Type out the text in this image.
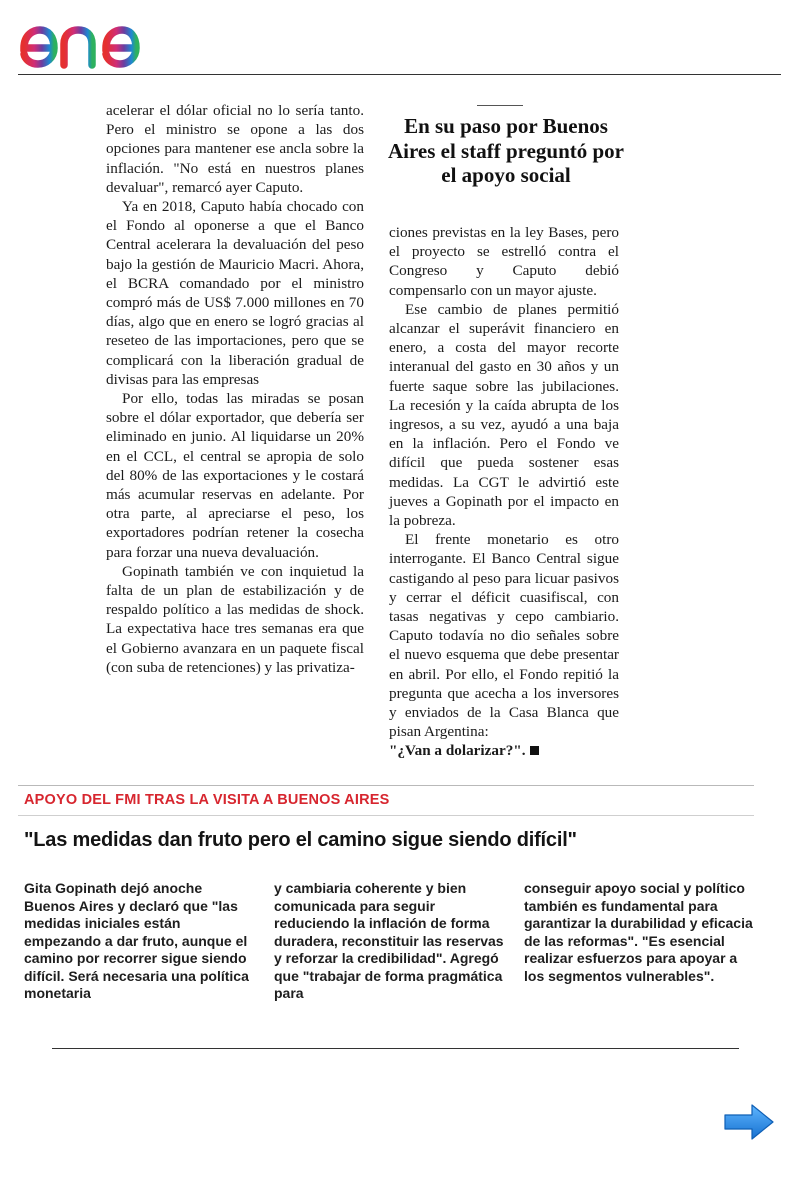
acelerar el dólar oficial no lo sería tanto. Pero el ministro se opone a las dos opciones para mantener ese ancla sobre la inflación. "No está en nuestros planes devaluar", remarcó ayer Caputo.

Ya en 2018, Caputo había chocado con el Fondo al oponerse a que el Banco Central acelerara la devaluación del peso bajo la gestión de Mauricio Macri. Ahora, el BCRA comandado por el ministro compró más de US$ 7.000 millones en 70 días, algo que en enero se logró gracias al reseteo de las importaciones, pero que se complicará con la liberación gradual de divisas para las empresas

Por ello, todas las miradas se posan sobre el dólar exportador, que debería ser eliminado en junio. Al liquidarse un 20% en el CCL, el central se apropia de solo del 80% de las exportaciones y le costará más acumular reservas en adelante. Por otra parte, al apreciarse el peso, los exportadores podrían retener la cosecha para forzar una nueva devaluación.

Gopinath también ve con inquietud la falta de un plan de estabilización y de respaldo político a las medidas de shock. La expectativa hace tres semanas era que el Gobierno avanzara en un paquete fiscal (con suba de retenciones) y las privatiza-

En su paso por Buenos Aires el staff preguntó por el apoyo social

ciones previstas en la ley Bases, pero el proyecto se estrelló contra el Congreso y Caputo debió compensarlo con un mayor ajuste.

Ese cambio de planes permitió alcanzar el superávit financiero en enero, a costa del mayor recorte interanual del gasto en 30 años y un fuerte saque sobre las jubilaciones. La recesión y la caída abrupta de los ingresos, a su vez, ayudó a una baja en la inflación. Pero el Fondo ve difícil que pueda sostener esas medidas. La CGT le advirtió este jueves a Gopinath por el impacto en la pobreza.

El frente monetario es otro interrogante. El Banco Central sigue castigando al peso para licuar pasivos y cerrar el déficit cuasifiscal, con tasas negativas y cepo cambiario. Caputo todavía no dio señales sobre el nuevo esquema que debe presentar en abril. Por ello, el Fondo repitió la pregunta que acecha a los inversores y enviados de la Casa Blanca que pisan Argentina:

"¿Van a dolarizar?".

APOYO DEL FMI TRAS LA VISITA A BUENOS AIRES
"Las medidas dan fruto pero el camino sigue siendo difícil"
Gita Gopinath dejó anoche Buenos Aires y declaró que "las medidas iniciales están empezando a dar fruto, aunque el camino por recorrer sigue siendo difícil. Será necesaria una política monetaria
y cambiaria coherente y bien comunicada para seguir reduciendo la inflación de forma duradera, reconstituir las reservas y reforzar la credibilidad". Agregó que "trabajar de forma pragmática para
conseguir apoyo social y político también es fundamental para garantizar la durabilidad y eficacia de las reformas". "Es esencial realizar esfuerzos para apoyar a los segmentos vulnerables".
